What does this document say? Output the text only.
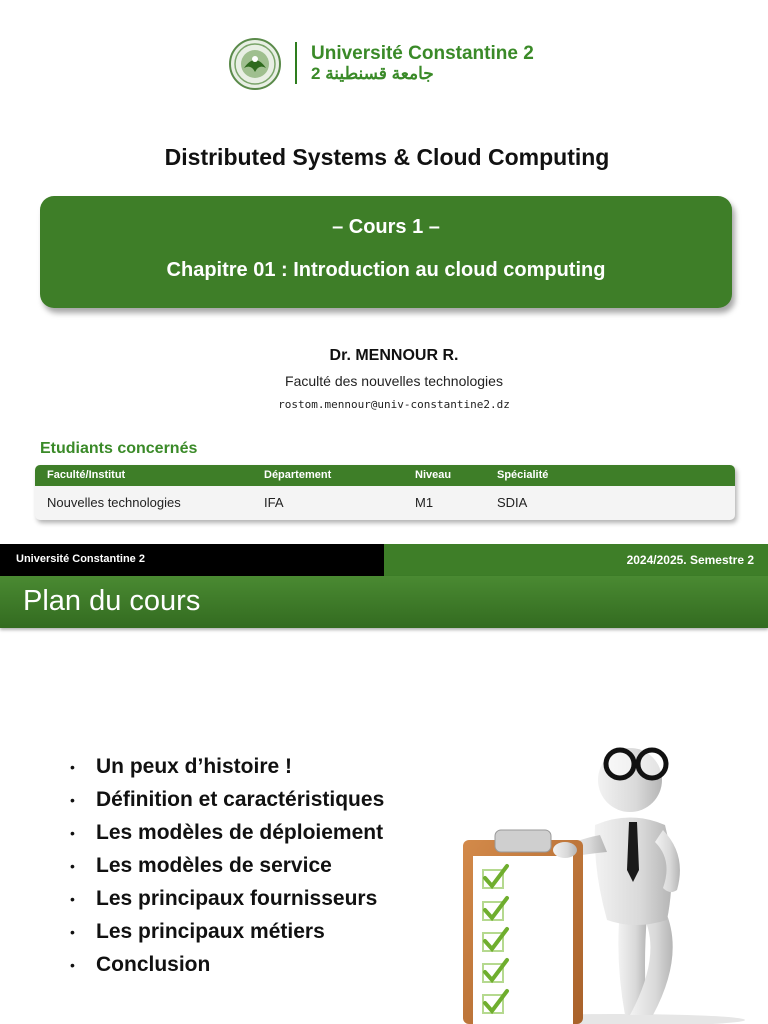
Université Constantine 2
جامعة قسنطينة 2
Distributed Systems & Cloud Computing
– Cours 1 –
Chapitre 01 : Introduction au cloud computing
Dr. MENNOUR R.
Faculté des nouvelles technologies
rostom.mennour@univ-constantine2.dz
Etudiants concernés
Faculté/Institut	Département	Niveau	Spécialité
Nouvelles technologies	IFA	M1	SDIA
Université Constantine 2	2024/2025. Semestre 2
Plan du cours
• Un peux d’histoire !
• Définition et caractéristiques
• Les modèles de déploiement
• Les modèles de service
• Les principaux fournisseurs
• Les principaux métiers
• Conclusion
